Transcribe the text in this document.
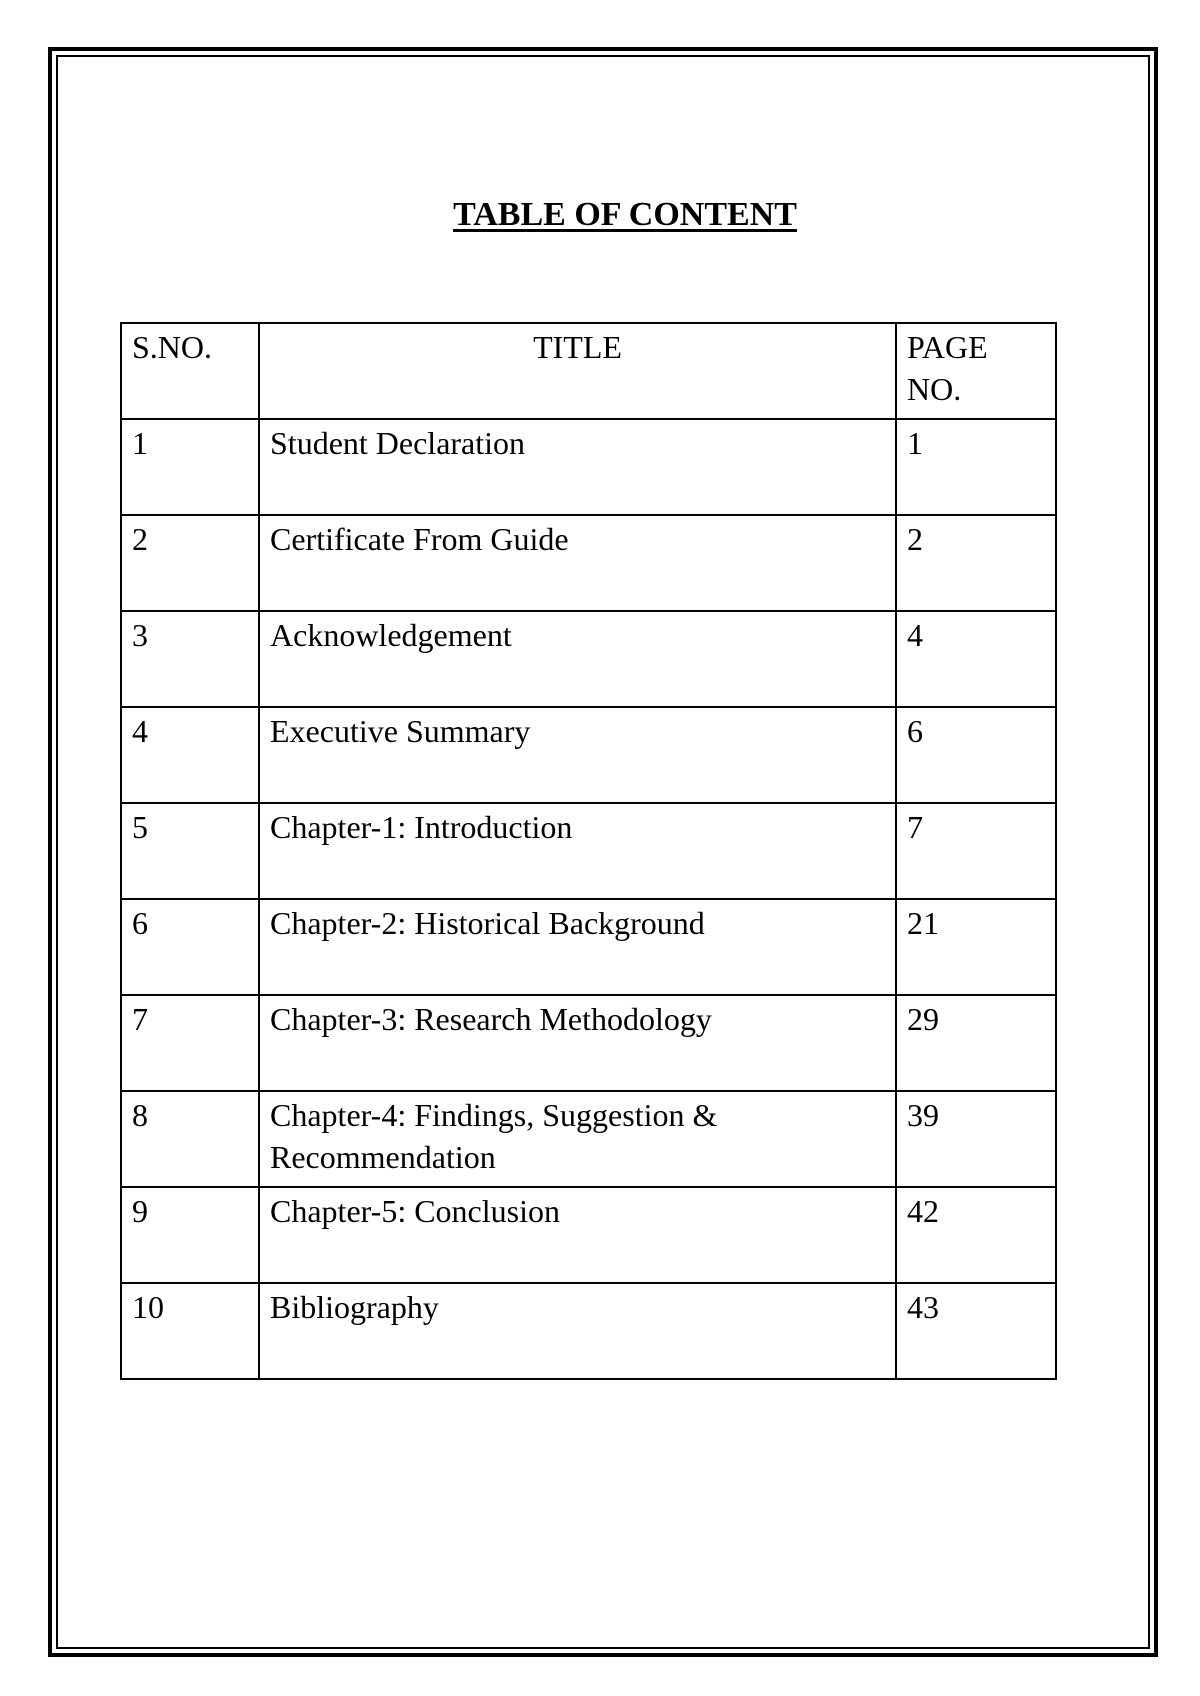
TABLE OF CONTENT
S.NO.	TITLE	PAGE NO.
1	Student Declaration	1
2	Certificate From Guide	2
3	Acknowledgement	4
4	Executive Summary	6
5	Chapter-1: Introduction	7
6	Chapter-2: Historical Background	21
7	Chapter-3: Research Methodology	29
8	Chapter-4: Findings, Suggestion & Recommendation	39
9	Chapter-5: Conclusion	42
10	Bibliography	43
